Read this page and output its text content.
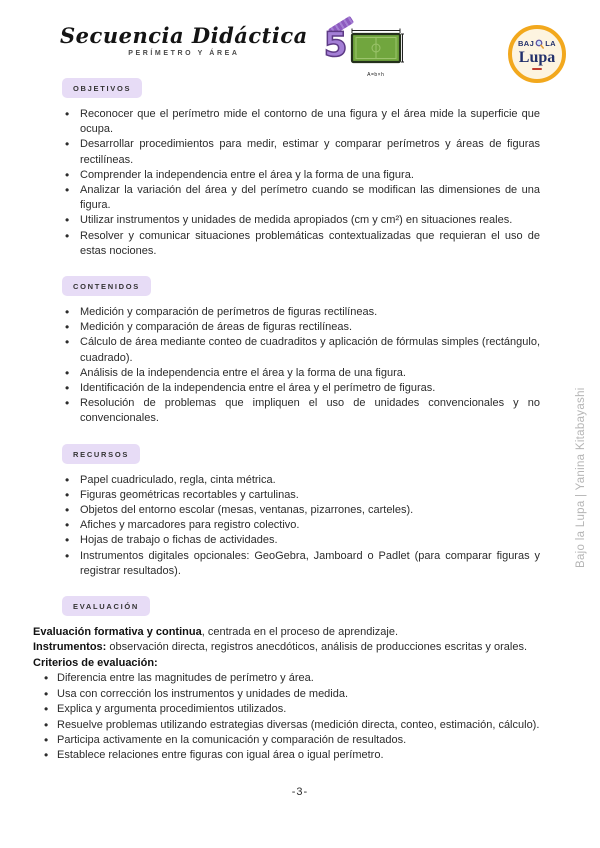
Secuencia Didáctica
PERÍMETRO Y ÁREA	5
A=b×h
BAJ LA
Lupa
OBJETIVOS
• Reconocer que el perímetro mide el contorno de una figura y el área mide la superficie que ocupa.
• Desarrollar procedimientos para medir, estimar y comparar perímetros y áreas de figuras rectilíneas.
• Comprender la independencia entre el área y la forma de una figura.
• Analizar la variación del área y del perímetro cuando se modifican las dimensiones de una figura.
• Utilizar instrumentos y unidades de medida apropiados (cm y cm²) en situaciones reales.
• Resolver y comunicar situaciones problemáticas contextualizadas que requieran el uso de estas nociones.
CONTENIDOS
• Medición y comparación de perímetros de figuras rectilíneas.
• Medición y comparación de áreas de figuras rectilíneas.
• Cálculo de área mediante conteo de cuadraditos y aplicación de fórmulas simples (rectángulo, cuadrado).
• Análisis de la independencia entre el área y la forma de una figura.
• Identificación de la independencia entre el área y el perímetro de figuras.
• Resolución de problemas que impliquen el uso de unidades convencionales y no convencionales.
RECURSOS
• Papel cuadriculado, regla, cinta métrica.
• Figuras geométricas recortables y cartulinas.
• Objetos del entorno escolar (mesas, ventanas, pizarrones, carteles).
• Afiches y marcadores para registro colectivo.
• Hojas de trabajo o fichas de actividades.
• Instrumentos digitales opcionales: GeoGebra, Jamboard o Padlet (para comparar figuras y registrar resultados).
EVALUACIÓN
Evaluación formativa y continua, centrada en el proceso de aprendizaje.
Instrumentos: observación directa, registros anecdóticos, análisis de producciones escritas y orales.
Criterios de evaluación:
• Diferencia entre las magnitudes de perímetro y área.
• Usa con corrección los instrumentos y unidades de medida.
• Explica y argumenta procedimientos utilizados.
• Resuelve problemas utilizando estrategias diversas (medición directa, conteo, estimación, cálculo).
• Participa activamente en la comunicación y comparación de resultados.
• Establece relaciones entre figuras con igual área o igual perímetro.
-3-
Bajo la Lupa | Yanina Kitabayashi
